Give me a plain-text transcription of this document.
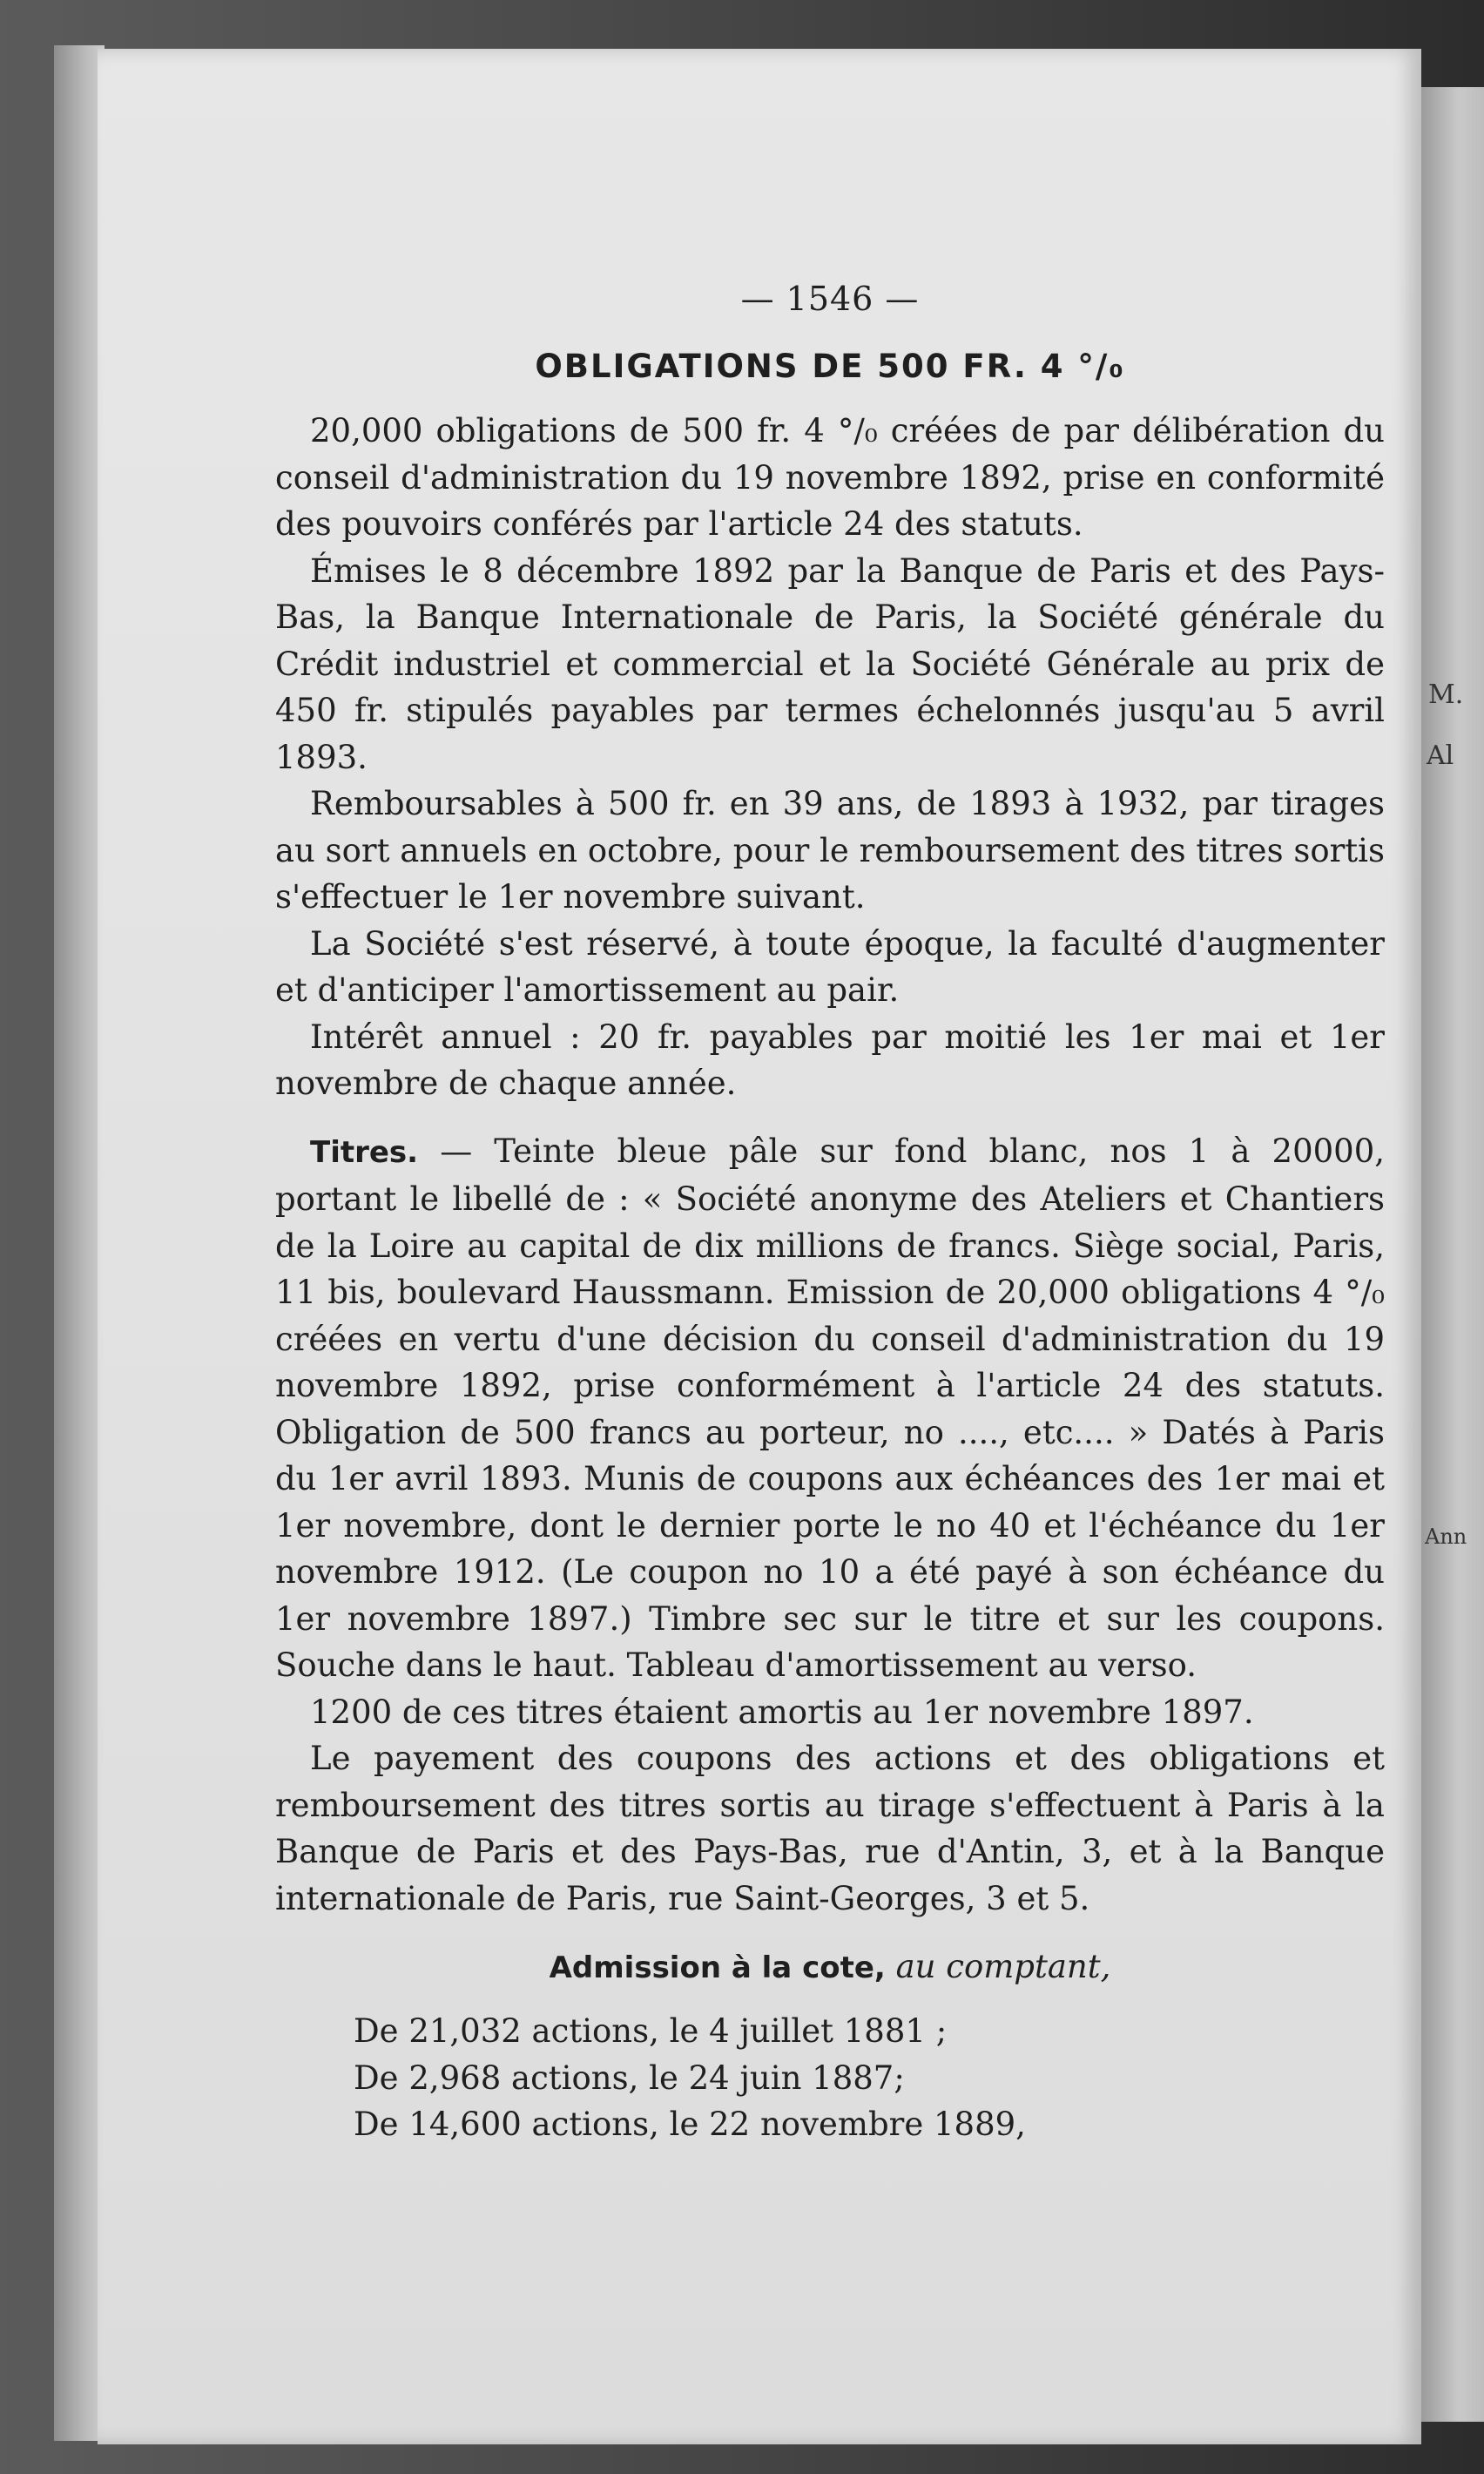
M.
Al
Ann
— 1546 —
OBLIGATIONS DE 500 FR. 4 °/₀

20,000 obligations de 500 fr. 4 °/₀ créées de par délibération du conseil d'administration du 19 novembre 1892, prise en conformité des pouvoirs conférés par l'article 24 des statuts.

Émises le 8 décembre 1892 par la Banque de Paris et des Pays-Bas, la Banque Internationale de Paris, la Société générale du Crédit industriel et commercial et la Société Générale au prix de 450 fr. stipulés payables par termes échelonnés jusqu'au 5 avril 1893.

Remboursables à 500 fr. en 39 ans, de 1893 à 1932, par tirages au sort annuels en octobre, pour le remboursement des titres sortis s'effectuer le 1er novembre suivant.

La Société s'est réservé, à toute époque, la faculté d'augmenter et d'anticiper l'amortissement au pair.

Intérêt annuel : 20 fr. payables par moitié les 1er mai et 1er novembre de chaque année.

Titres. — Teinte bleue pâle sur fond blanc, nos 1 à 20000, portant le libellé de : « Société anonyme des Ateliers et Chantiers de la Loire au capital de dix millions de francs. Siège social, Paris, 11 bis, boulevard Haussmann. Emission de 20,000 obligations 4 °/₀ créées en vertu d'une décision du conseil d'administration du 19 novembre 1892, prise conformément à l'article 24 des statuts. Obligation de 500 francs au porteur, no ...., etc.... » Datés à Paris du 1er avril 1893. Munis de coupons aux échéances des 1er mai et 1er novembre, dont le dernier porte le no 40 et l'échéance du 1er novembre 1912. (Le coupon no 10 a été payé à son échéance du 1er novembre 1897.) Timbre sec sur le titre et sur les coupons. Souche dans le haut. Tableau d'amortissement au verso.

1200 de ces titres étaient amortis au 1er novembre 1897.

Le payement des coupons des actions et des obligations et remboursement des titres sortis au tirage s'effectuent à Paris à la Banque de Paris et des Pays-Bas, rue d'Antin, 3, et à la Banque internationale de Paris, rue Saint-Georges, 3 et 5.

Admission à la cote, au comptant,

De 21,032 actions, le 4 juillet 1881 ;

De 2,968 actions, le 24 juin 1887;

De 14,600 actions, le 22 novembre 1889,
